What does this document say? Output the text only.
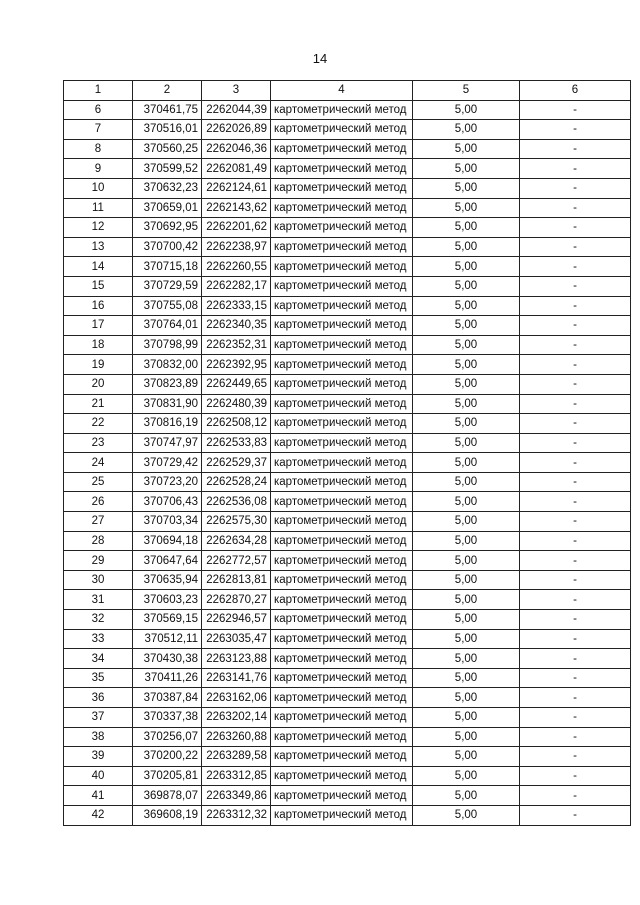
14
1	2	3	4	5	6
6	370461,75	2262044,39	картометрический метод	5,00	-
7	370516,01	2262026,89	картометрический метод	5,00	-
8	370560,25	2262046,36	картометрический метод	5,00	-
9	370599,52	2262081,49	картометрический метод	5,00	-
10	370632,23	2262124,61	картометрический метод	5,00	-
11	370659,01	2262143,62	картометрический метод	5,00	-
12	370692,95	2262201,62	картометрический метод	5,00	-
13	370700,42	2262238,97	картометрический метод	5,00	-
14	370715,18	2262260,55	картометрический метод	5,00	-
15	370729,59	2262282,17	картометрический метод	5,00	-
16	370755,08	2262333,15	картометрический метод	5,00	-
17	370764,01	2262340,35	картометрический метод	5,00	-
18	370798,99	2262352,31	картометрический метод	5,00	-
19	370832,00	2262392,95	картометрический метод	5,00	-
20	370823,89	2262449,65	картометрический метод	5,00	-
21	370831,90	2262480,39	картометрический метод	5,00	-
22	370816,19	2262508,12	картометрический метод	5,00	-
23	370747,97	2262533,83	картометрический метод	5,00	-
24	370729,42	2262529,37	картометрический метод	5,00	-
25	370723,20	2262528,24	картометрический метод	5,00	-
26	370706,43	2262536,08	картометрический метод	5,00	-
27	370703,34	2262575,30	картометрический метод	5,00	-
28	370694,18	2262634,28	картометрический метод	5,00	-
29	370647,64	2262772,57	картометрический метод	5,00	-
30	370635,94	2262813,81	картометрический метод	5,00	-
31	370603,23	2262870,27	картометрический метод	5,00	-
32	370569,15	2262946,57	картометрический метод	5,00	-
33	370512,11	2263035,47	картометрический метод	5,00	-
34	370430,38	2263123,88	картометрический метод	5,00	-
35	370411,26	2263141,76	картометрический метод	5,00	-
36	370387,84	2263162,06	картометрический метод	5,00	-
37	370337,38	2263202,14	картометрический метод	5,00	-
38	370256,07	2263260,88	картометрический метод	5,00	-
39	370200,22	2263289,58	картометрический метод	5,00	-
40	370205,81	2263312,85	картометрический метод	5,00	-
41	369878,07	2263349,86	картометрический метод	5,00	-
42	369608,19	2263312,32	картометрический метод	5,00	-
